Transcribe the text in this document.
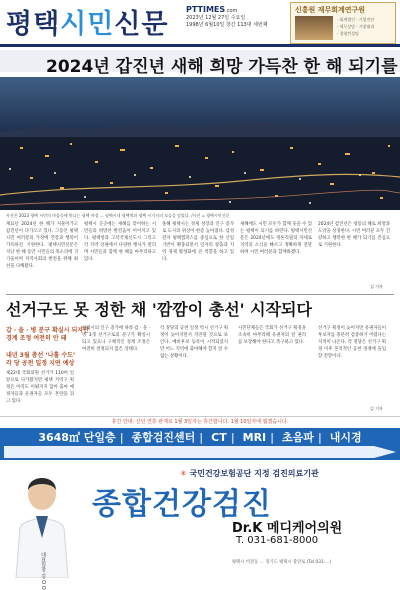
평택시민신문 PTTIMES.com
2023년 12월 27일 수요일
1998년 6월10일 창간 113대 세번째
신흥원 재무회계연구원
· 회계법인 · 기업진단
· 세무상담 · 기장대리
· 경영컨설팅
2024년 갑진년 새해 희망 가득찬 한 해 되기를
사진은 2023 평택 시민의 마음속에 빛나는 평택 야경 … 평택시내 평택역과 평택 시가지의 모습을 담았다. /사진 = 평택시민신문
계묘년 2024년 한 해가 저물어가고 갑진년이 다가오고 있다. 그동안 평택시민 여러분의 가정에 건강과 행복이 가득하길 기원한다. 평택시민신문은 지난 한 해 동안 시민들의 목소리에 귀 기울이며 지역사회의 발전을 위해 최선을 다해왔다.
평택시 곳곳에는 새해를 맞이하는 시민들의 희망찬 발걸음이 이어지고 있다. 평택항과 고덕국제신도시 그리고 각 지역 상권에서 다양한 행사가 열리며 시민들과 함께 한 해를 마무리하고 있다.
올해 평택시는 경제 성장과 인구 증가로 도시의 위상이 한층 높아졌다. 삼성전자 평택캠퍼스를 중심으로 한 산업 기반이 확충되면서 일자리 창출과 지역 경제 활성화에 큰 역할을 하고 있다.
새해에도 시민 모두가 함께 웃을 수 있는 평택이 되기를 바란다. 평택시민신문은 2024년에도 정론직필의 자세로 지역의 소식을 빠르고 정확하게 전달하며 시민 여러분과 함께하겠다.
2024년 갑진년은 청룡의 해로 희망과 도약을 상징한다. 시민 여러분 모두 건강하고 행복한 한 해가 되기를 진심으로 기원한다.
김 기자
선거구도 못 정한 채 '깜깜이 총선' 시작되다
갑 · 을 · 병 분구 확실시 되자만
경계 조정 여전히 안 돼
내년 3월 총선 ‘나홀 수도’
각 당 공천 일정 지연 예상
제22대 국회의원 선거가 110여 일 앞으로 다가왔지만 평택 지역구 획정은 아직도 이뤄지지 않아 출마 예정자들과 유권자들 모두 혼란을 겪고 있다.
평택시의 인구 증가에 따라 갑 · 을 · 병 3개 선거구로의 분구가 확실시 되고 있으나 구체적인 경계 조정은 여전히 결정되지 않은 상태다.
각 정당의 공천 일정 역시 선거구 획정이 늦어지면서 지연될 것으로 보인다. 예비후보 등록이 시작되었지만 어느 지역에 출마해야 할지 알 수 없는 상황이다.
시민단체들은 국회가 선거구 획정을 조속히 마무리해 유권자의 알 권리를 보장해야 한다고 촉구하고 있다.
선거구 획정이 늦어지면 유권자들이 후보자를 충분히 검증하기 어렵다는 지적이 나온다. 각 정당은 선거구 획정 이후 본격적인 공천 경쟁에 돌입할 전망이다.
김 기자
휴간 안내: 신년 연휴 관계로 1월 3일자는 휴간합니다. 1월 10일자에 뵙겠습니다.
3648㎡ 단일층 | 종합검진센터 | CT | MRI | 초음파 | 내시경
대표원장 김 O O
✳ 국민건강보험공단 지정 검진의료기관
종합건강검진
Dr.K 메디케어의원
T. 031-681-8000
평택시 비전동 … 경기도 평택시 중앙로 (Tel 031-…)
